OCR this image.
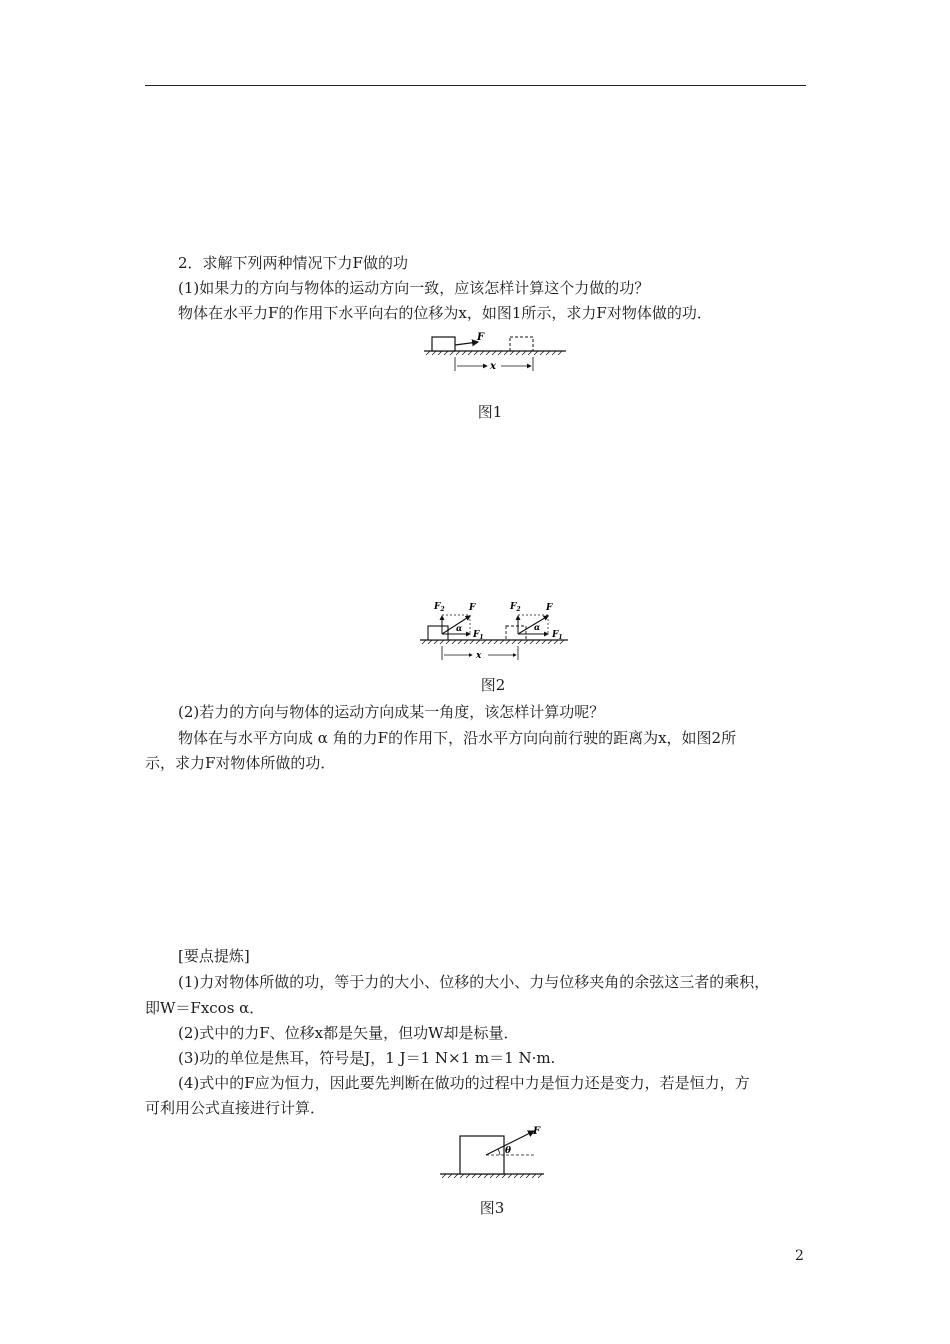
2．求解下列两种情况下力F做的功
(1)如果力的方向与物体的运动方向一致，应该怎样计算这个力做的功？
物体在水平力F的作用下水平向右的位移为x，如图1所示，求力F对物体做的功．
F
x
图1
$F_2$	F
$F_1$
α
$F_2$	F
$F_1$
α
x
图2
(2)若力的方向与物体的运动方向成某一角度，该怎样计算功呢？
物体在与水平方向成 α 角的力F的作用下，沿水平方向向前行驶的距离为x，如图2所
示，求力F对物体所做的功．
[要点提炼]
(1)力对物体所做的功，等于力的大小、位移的大小、力与位移夹角的余弦这三者的乘积，
即W＝Fxcos α．
(2)式中的力F、位移x都是矢量，但功W却是标量．
(3)功的单位是焦耳，符号是J，1 J＝1 N×1 m＝1 N·m.
(4)式中的F应为恒力，因此要先判断在做功的过程中力是恒力还是变力，若是恒力，方
可利用公式直接进行计算．
θ
F
图3
2
